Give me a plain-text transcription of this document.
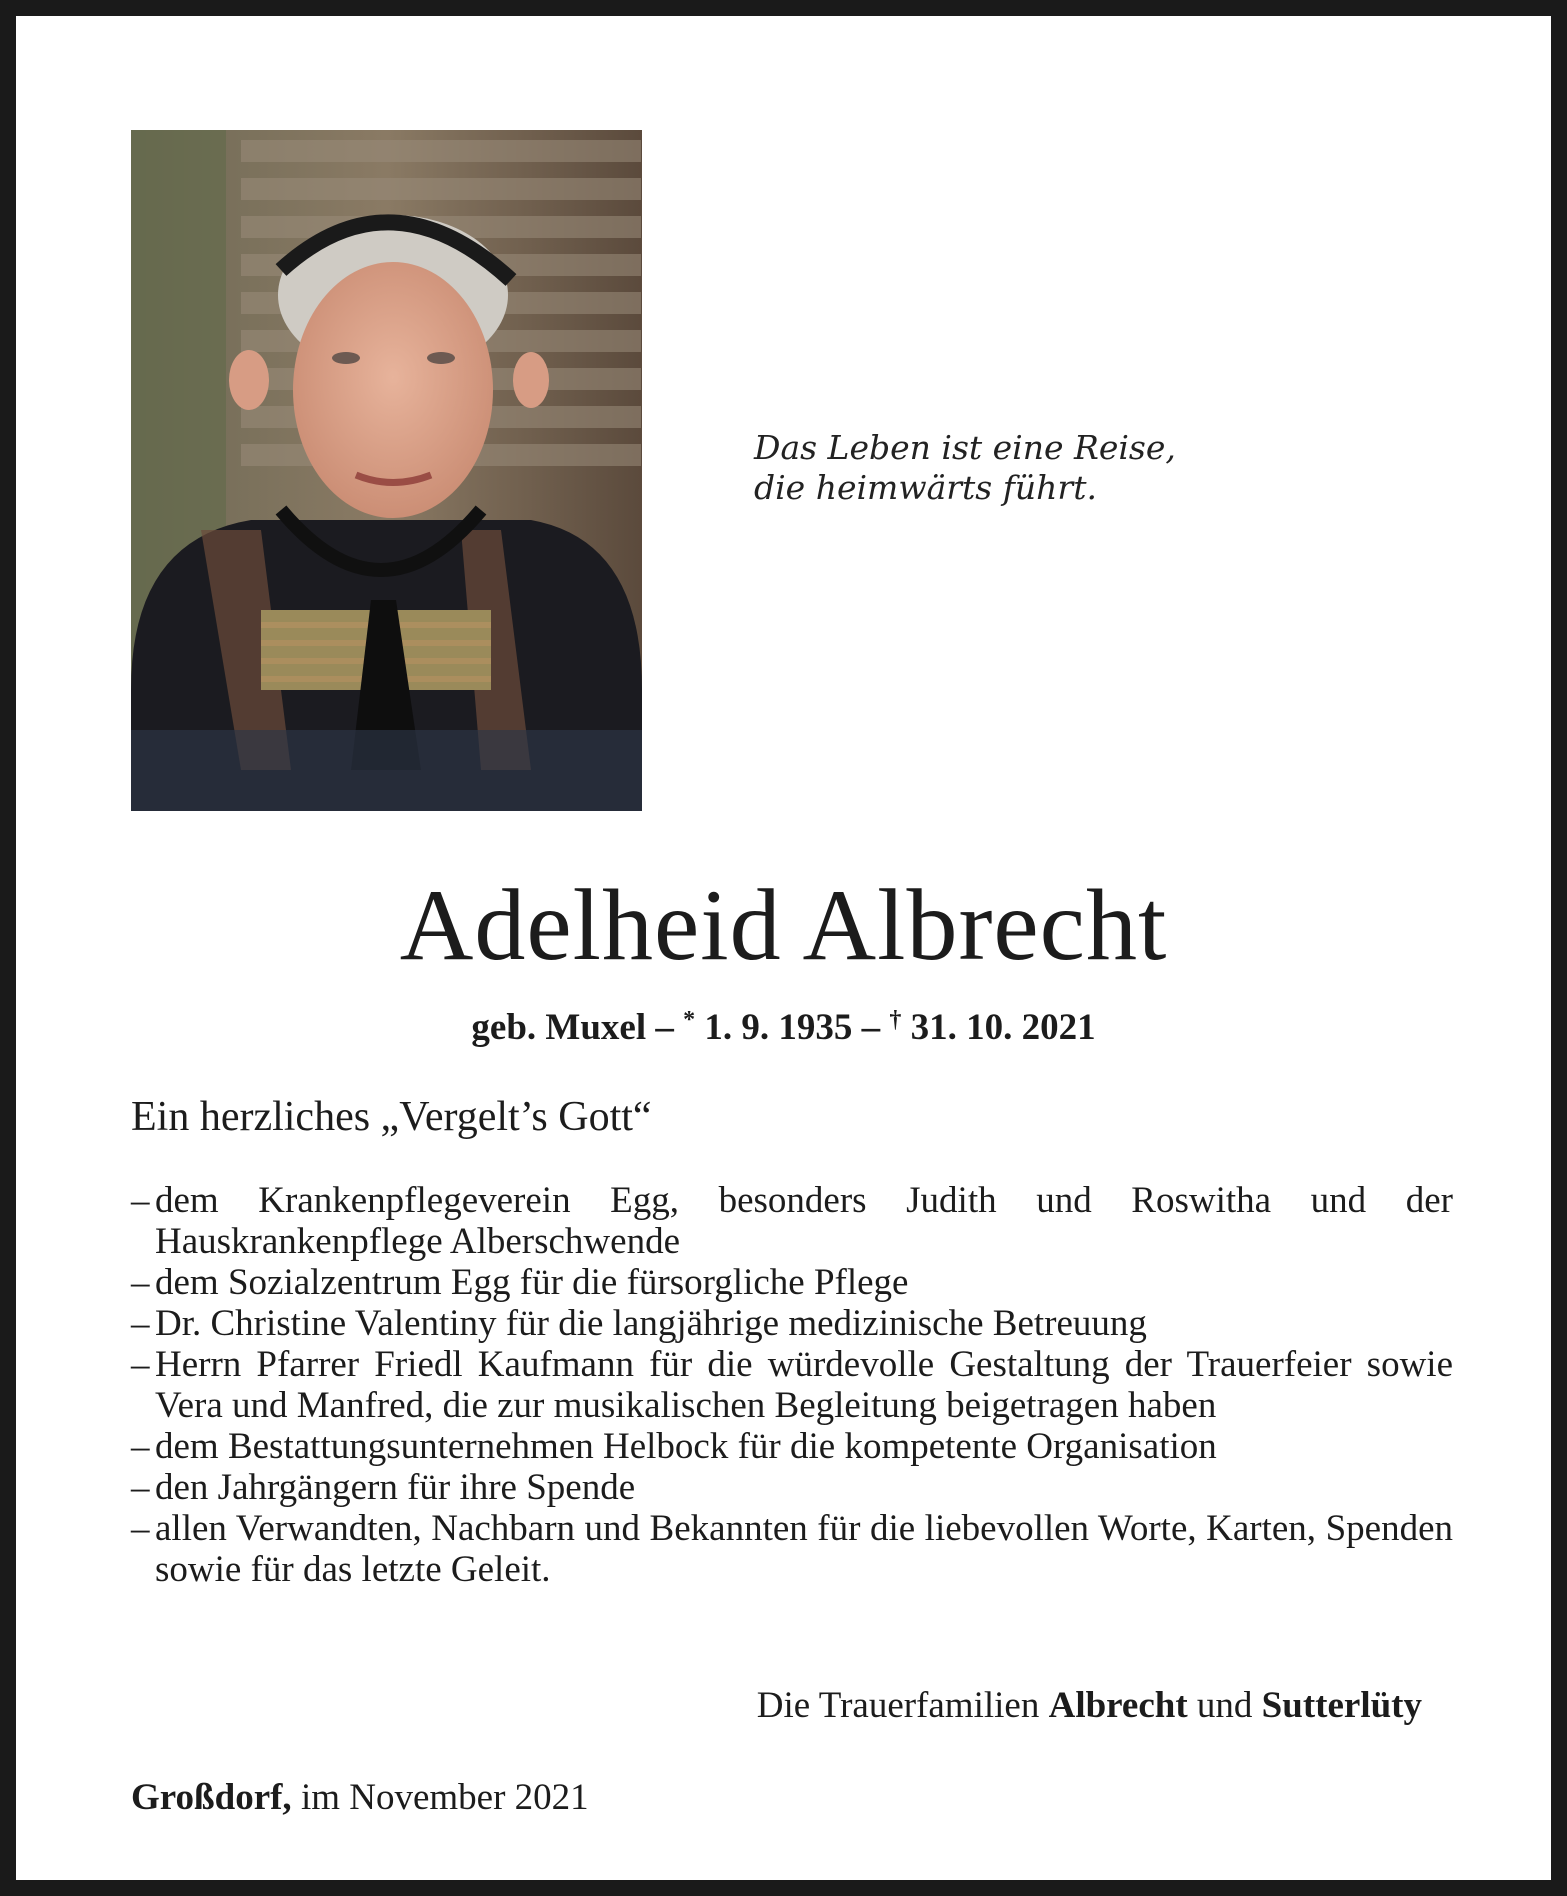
Das Leben ist eine Reise,
die heimwärts führt.
Adelheid Albrecht
geb. Muxel – * 1. 9. 1935 – † 31. 10. 2021
Ein herzliches „Vergelt’s Gott“
– dem Krankenpflegeverein Egg, besonders Judith und Roswitha und der Hauskrankenpflege Alberschwende
– dem Sozialzentrum Egg für die fürsorgliche Pflege
– Dr. Christine Valentiny für die langjährige medizinische Betreuung
– Herrn Pfarrer Friedl Kaufmann für die würdevolle Gestaltung der Trauerfeier sowie Vera und Manfred, die zur musikalischen Begleitung beigetragen haben
– dem Bestattungsunternehmen Helbock für die kompetente Organisation
– den Jahrgängern für ihre Spende
– allen Verwandten, Nachbarn und Bekannten für die liebevollen Worte, Karten, Spenden sowie für das letzte Geleit.
Die Trauerfamilien Albrecht und Sutterlüty
Großdorf, im November 2021
